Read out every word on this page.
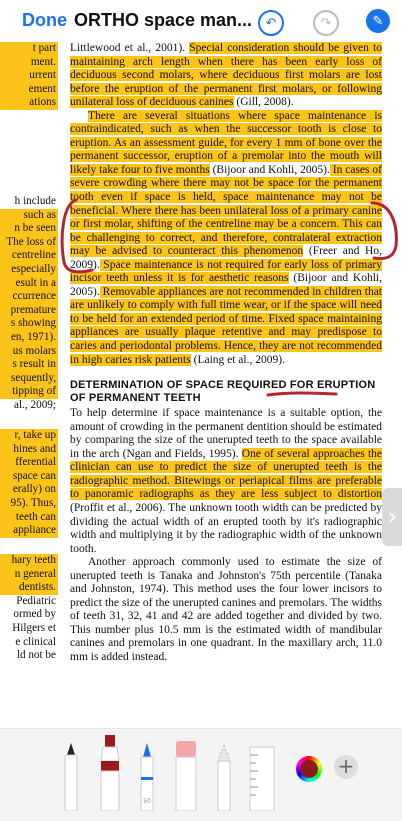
Done ORTHO space man...	↶	↷	✎
t part
ment.
urrent
ement
ations
h include
such as
n be seen
The loss of
centreline
especially
esult in a
ccurrence
premature
s showing
en, 1971).
us molars
s result in
sequently,
tipping of
al., 2009;
r, take up
hines and
fferential
space can
erally) on
95). Thus,
teeth can
appliance
hary teeth
n general
dentists.
Pediatric
ormed by
Hilgers et
e clinical
ld not be

Littlewood et al., 2001). Special consideration should be given to maintaining arch length when there has been early loss of deciduous second molars, where deciduous first molars are lost before the eruption of the permanent first molars, or following unilateral loss of deciduous canines (Gill, 2008).

There are several situations where space maintenance is contraindicated, such as when the successor tooth is close to eruption. As an assessment guide, for every 1 mm of bone over the permanent successor, eruption of a premolar into the mouth will likely take four to five months (Bijoor and Kohli, 2005). In cases of severe crowding where there may not be space for the permanent tooth even if space is held, space maintenance may not be beneficial. Where there has been unilateral loss of a primary canine or first molar, shifting of the centreline may be a concern. This can be challenging to correct, and therefore, contralateral extraction may be advised to counteract this phenomenon (Freer and Ho, 2009). Space maintenance is not required for early loss of primary incisor teeth unless it is for aesthetic reasons (Bijoor and Kohli, 2005). Removable appliances are not recommended in children that are unlikely to comply with full time wear, or if the space will need to be held for an extended period of time. Fixed space maintaining appliances are usually plaque retentive and may predispose to caries and periodontal problems. Hence, they are not recommended in high caries risk patients (Laing et al., 2009).

DETERMINATION OF SPACE REQUIRED FOR ERUPTION OF PERMANENT TEETH

To help determine if space maintenance is a suitable option, the amount of crowding in the permanent dentition should be estimated by comparing the size of the unerupted teeth to the space available in the arch (Ngan and Fields, 1995). One of several approaches the clinician can use to predict the size of unerupted teeth is the radiographic method. Bitewings or periapical films are preferable to panoramic radiographs as they are less subject to distortion (Proffit et al., 2006). The unknown tooth width can be predicted by dividing the actual width of an erupted tooth by it's radiographic width and multiplying it by the radiographic width of the unknown tooth.

Another approach commonly used to estimate the size of unerupted teeth is Tanaka and Johnston's 75th percentile (Tanaka and Johnston, 1974). This method uses the four lower incisors to predict the size of the unerupted canines and premolars. The widths of teeth 31, 32, 41 and 42 are added together and divided by two. This number plus 10.5 mm is the estimated width of mandibular canines and premolars in one quadrant. In the maxillary arch, 11.0 mm is added instead.

›
50
+
